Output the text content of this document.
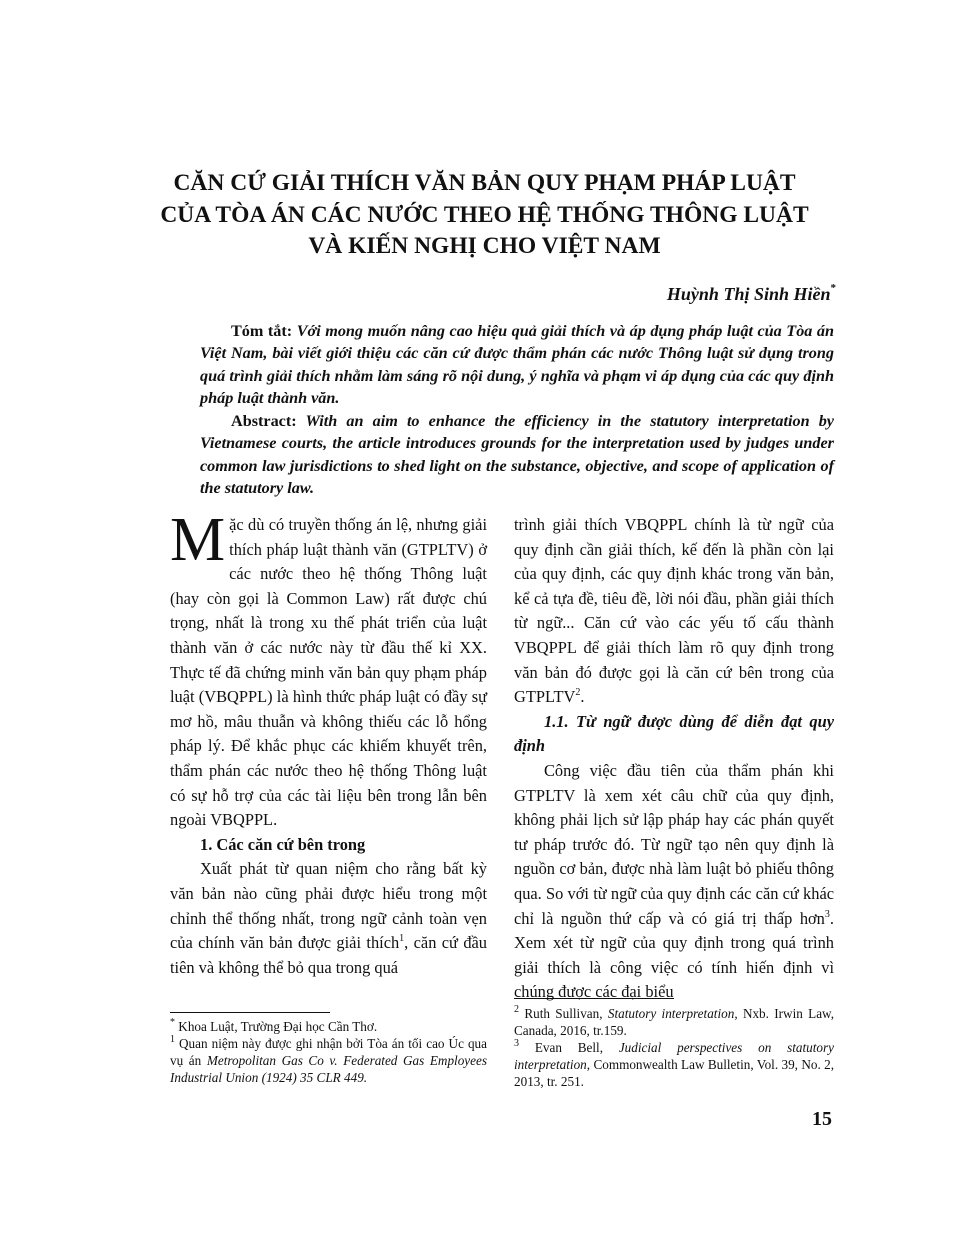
CĂN CỨ GIẢI THÍCH VĂN BẢN QUY PHẠM PHÁP LUẬT
CỦA TÒA ÁN CÁC NƯỚC THEO HỆ THỐNG THÔNG LUẬT
VÀ KIẾN NGHỊ CHO VIỆT NAM
Huỳnh Thị Sinh Hiền*
Tóm tắt: Với mong muốn nâng cao hiệu quả giải thích và áp dụng pháp luật của Tòa án Việt Nam, bài viết giới thiệu các căn cứ được thẩm phán các nước Thông luật sử dụng trong quá trình giải thích nhằm làm sáng rõ nội dung, ý nghĩa và phạm vi áp dụng của các quy định pháp luật thành văn.
Abstract: With an aim to enhance the efficiency in the statutory interpretation by Vietnamese courts, the article introduces grounds for the interpretation used by judges under common law jurisdictions to shed light on the substance, objective, and scope of application of the statutory law.

Mặc dù có truyền thống án lệ, nhưng giải thích pháp luật thành văn (GTPLTV) ở các nước theo hệ thống Thông luật (hay còn gọi là Common Law) rất được chú trọng, nhất là trong xu thế phát triển của luật thành văn ở các nước này từ đầu thế kỉ XX. Thực tế đã chứng minh văn bản quy phạm pháp luật (VBQPPL) là hình thức pháp luật có đầy sự mơ hồ, mâu thuẫn và không thiếu các lỗ hổng pháp lý. Để khắc phục các khiếm khuyết trên, thẩm phán các nước theo hệ thống Thông luật có sự hỗ trợ của các tài liệu bên trong lẫn bên ngoài VBQPPL.

1. Các căn cứ bên trong

Xuất phát từ quan niệm cho rằng bất kỳ văn bản nào cũng phải được hiểu trong một chỉnh thể thống nhất, trong ngữ cảnh toàn vẹn của chính văn bản được giải thích$^1$, căn cứ đầu tiên và không thể bỏ qua trong quá

trình giải thích VBQPPL chính là từ ngữ của quy định cần giải thích, kế đến là phần còn lại của quy định, các quy định khác trong văn bản, kể cả tựa đề, tiêu đề, lời nói đầu, phần giải thích từ ngữ... Căn cứ vào các yếu tố cấu thành VBQPPL để giải thích làm rõ quy định trong văn bản đó được gọi là căn cứ bên trong của GTPLTV$^2$.

1.1. Từ ngữ được dùng để diễn đạt quy định

Công việc đầu tiên của thẩm phán khi GTPLTV là xem xét câu chữ của quy định, không phải lịch sử lập pháp hay các phán quyết tư pháp trước đó. Từ ngữ tạo nên quy định là nguồn cơ bản, được nhà làm luật bỏ phiếu thông qua. So với từ ngữ của quy định các căn cứ khác chỉ là nguồn thứ cấp và có giá trị thấp hơn$^3$. Xem xét từ ngữ của quy định trong quá trình giải thích là công việc có tính hiến định vì chúng được các đại biểu

* Khoa Luật, Trường Đại học Cần Thơ.

$^1$ Quan niệm này được ghi nhận bởi Tòa án tối cao Úc qua vụ án Metropolitan Gas Co v. Federated Gas Employees Industrial Union (1924) 35 CLR 449.

$^2$ Ruth Sullivan, Statutory interpretation, Nxb. Irwin Law, Canada, 2016, tr.159.

$^3$ Evan Bell, Judicial perspectives on statutory interpretation, Commonwealth Law Bulletin, Vol. 39, No. 2, 2013, tr. 251.

15
